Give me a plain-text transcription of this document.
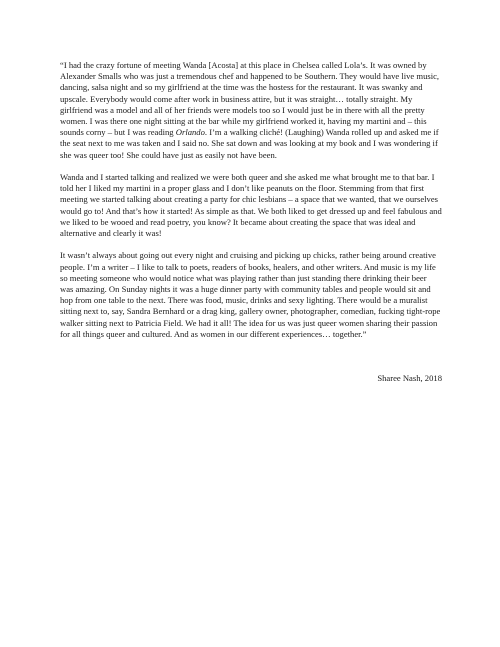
“I had the crazy fortune of meeting Wanda [Acosta] at this place in Chelsea called Lola’s. It was owned by Alexander Smalls who was just a tremendous chef and happened to be Southern. They would have live music, dancing, salsa night and so my girlfriend at the time was the hostess for the restaurant. It was swanky and upscale. Everybody would come after work in business attire, but it was straight… totally straight. My girlfriend was a model and all of her friends were models too so I would just be in there with all the pretty women. I was there one night sitting at the bar while my girlfriend worked it, having my martini and – this sounds corny – but I was reading Orlando. I’m a walking cliché! (Laughing) Wanda rolled up and asked me if the seat next to me was taken and I said no. She sat down and was looking at my book and I was wondering if she was queer too! She could have just as easily not have been.

Wanda and I started talking and realized we were both queer and she asked me what brought me to that bar. I told her I liked my martini in a proper glass and I don’t like peanuts on the floor. Stemming from that first meeting we started talking about creating a party for chic lesbians – a space that we wanted, that we ourselves would go to! And that’s how it started! As simple as that. We both liked to get dressed up and feel fabulous and we liked to be wooed and read poetry, you know? It became about creating the space that was ideal and alternative and clearly it was!

It wasn’t always about going out every night and cruising and picking up chicks, rather being around creative people. I’m a writer – I like to talk to poets, readers of books, healers, and other writers. And music is my life so meeting someone who would notice what was playing rather than just standing there drinking their beer was amazing. On Sunday nights it was a huge dinner party with community tables and people would sit and hop from one table to the next. There was food, music, drinks and sexy lighting. There would be a muralist sitting next to, say, Sandra Bernhard or a drag king, gallery owner, photographer, comedian, fucking tight-rope walker sitting next to Patricia Field. We had it all! The idea for us was just queer women sharing their passion for all things queer and cultured. And as women in our different experiences… together.”

Sharee Nash, 2018
